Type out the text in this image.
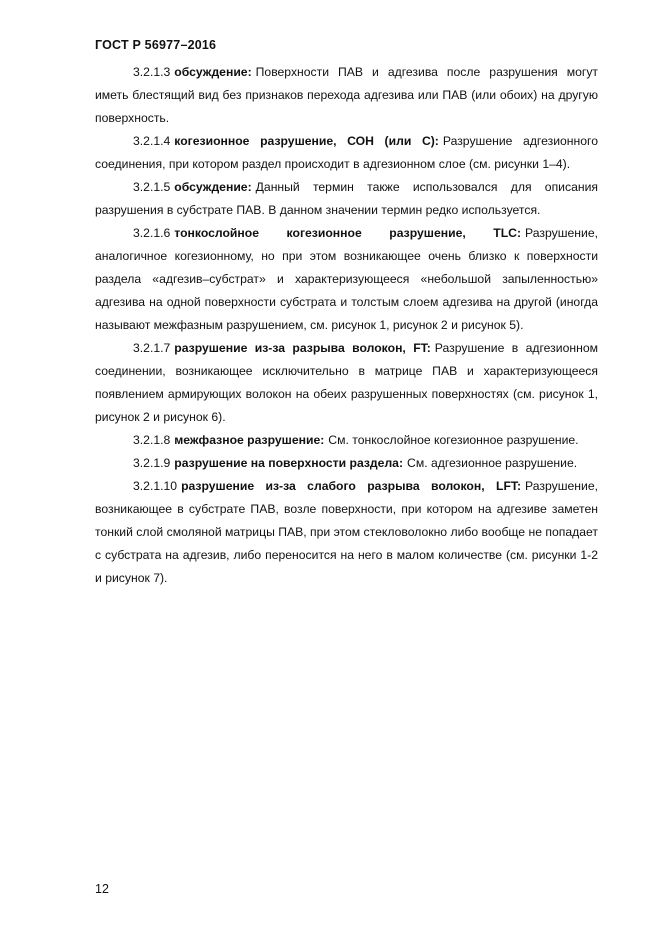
ГОСТ Р 56977–2016

3.2.1.3 обсуждение: Поверхности ПАВ и адгезива после разрушения могут иметь блестящий вид без признаков перехода адгезива или ПАВ (или обоих) на другую поверхность.

3.2.1.4 когезионное разрушение, СОН (или С): Разрушение адгезионного соединения, при котором раздел происходит в адгезионном слое (см. рисунки 1–4).

3.2.1.5 обсуждение: Данный термин также использовался для описания разрушения в субстрате ПАВ. В данном значении термин редко используется.

3.2.1.6 тонкослойное когезионное разрушение, TLC: Разрушение, аналогичное когезионному, но при этом возникающее очень близко к поверхности раздела «адгезив–субстрат» и характеризующееся «небольшой запыленностью» адгезива на одной поверхности субстрата и толстым слоем адгезива на другой (иногда называют межфазным разрушением, см. рисунок 1, рисунок 2 и рисунок 5).

3.2.1.7 разрушение из-за разрыва волокон, FT: Разрушение в адгезионном соединении, возникающее исключительно в матрице ПАВ и характеризующееся появлением армирующих волокон на обеих разрушенных поверхностях (см. рисунок 1, рисунок 2 и рисунок 6).

3.2.1.8 межфазное разрушение: См. тонкослойное когезионное разрушение.

3.2.1.9 разрушение на поверхности раздела: См. адгезионное разрушение.

3.2.1.10 разрушение из-за слабого разрыва волокон, LFT: Разрушение, возникающее в субстрате ПАВ, возле поверхности, при котором на адгезиве заметен тонкий слой смоляной матрицы ПАВ, при этом стекловолокно либо вообще не попадает с субстрата на адгезив, либо переносится на него в малом количестве (см. рисунки 1-2 и рисунок 7).

12
